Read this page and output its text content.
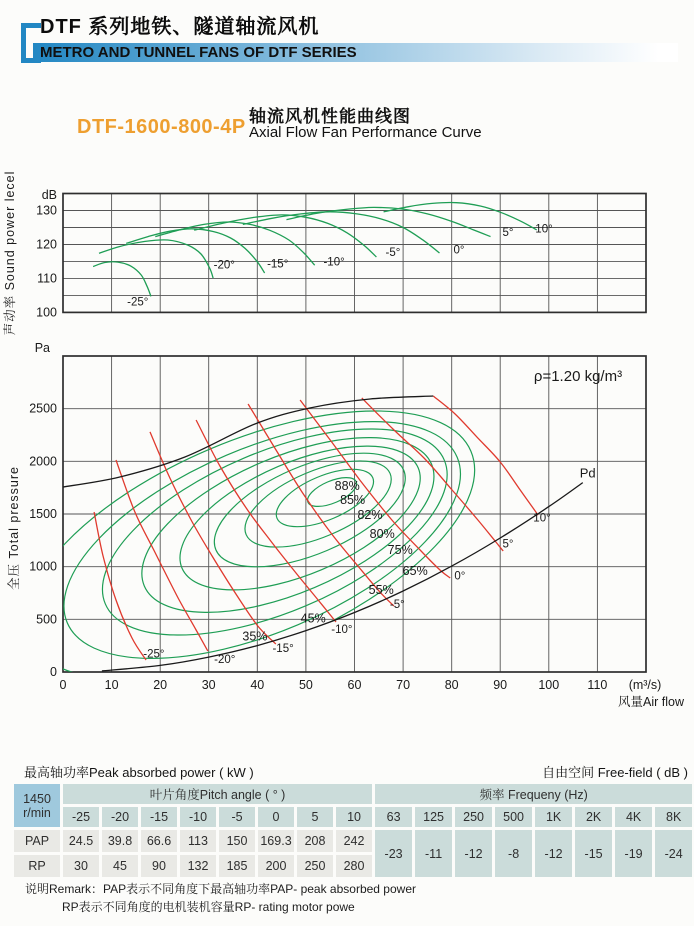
DTF 系列地铁、隧道轴流风机
METRO AND TUNNEL FANS OF DTF SERIES
DTF-1600-800-4P 轴流风机性能曲线图
Axial Flow Fan Performance Curve
-25°
-20°	-15°	-10°
-5°	0°
5° 10°
dB
130
120
110
100
声动率 Sound power lecel
-25°	-20°
-15°
-10°
-5°
0°
5°
10°
Pd
88%
85%
82%
80%
75%
65%
55%
45%
35%
ρ=1.20 kg/m³
2500
2000
1500
1000
500
0
Pa
0	10	20	30	40	50	60	70	80	90 100 110 (m³/s)
风量Air flow
全压 Total pressure
最高轴功率Peak absorbed power ( kW )	自由空间 Free-field ( dB )
1450
r/min	叶片角度Pitch angle ( ° )								频率 Frequeny (Hz)							
	-25	-20	-15	-10	-5	0	5	10	63	125	250	500	1K	2K	4K	8K
PAP	24.5	39.8	66.6	113	150	169.3	208	242	-23	-11	-12	-8	-12	-15	-19	-24
RP	30	45	90	132	185	200	250	280								
说明Remark：PAP表示不同角度下最高轴功率PAP- peak absorbed power
RP表示不同角度的电机装机容量RP- rating motor powe
